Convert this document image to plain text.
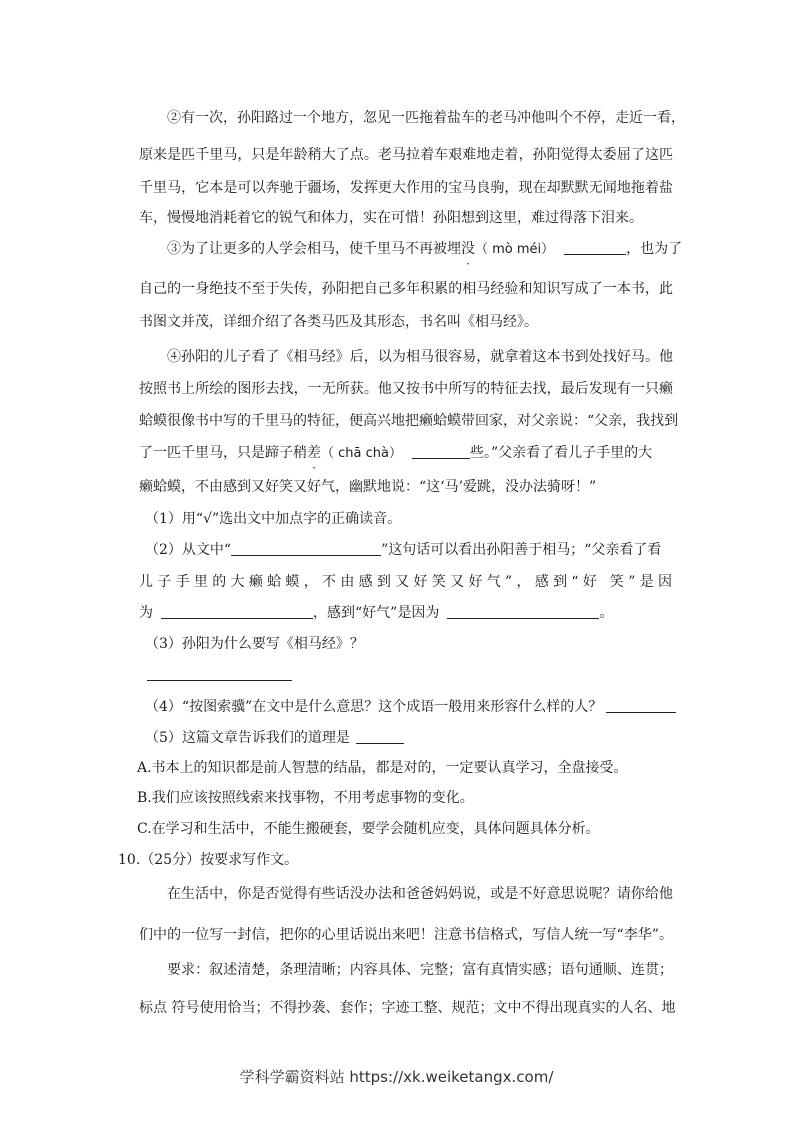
②有一次，孙阳路过一个地方，忽见一匹拖着盐车的老马冲他叫个不停，走近一看，
原来是匹千里马，只是年龄稍大了点。老马拉着车艰难地走着，孙阳觉得太委屈了这匹
千里马，它本是可以奔驰于疆场，发挥更大作用的宝马良驹，现在却默默无闻地拖着盐
车，慢慢地消耗着它的锐气和体力，实在可惜！孙阳想到这里，难过得落下泪来。
③为了让更多的人学会相马，使千里马不再被埋没（ mò méi）	，也为了
自己的一身绝技不至于失传，孙阳把自己多年积累的相马经验和知识写成了一本书，此
书图文并茂，详细介绍了各类马匹及其形态，书名叫《相马经》。
④孙阳的儿子看了《相马经》后，以为相马很容易，就拿着这本书到处找好马。他
按照书上所绘的图形去找，一无所获。他又按书中所写的特征去找，最后发现有一只癞
蛤蟆很像书中写的千里马的特征，便高兴地把癞蛤蟆带回家，对父亲说：“父亲，我找到
了一匹千里马，只是蹄子稍差（ chā chà）	些。”父亲看了看儿子手里的大
癞蛤蟆，不由感到又好笑又好气，幽默地说：“这‘马’爱跳，没办法骑呀！”
（1）用“√”选出文中加点字的正确读音。
（2）从文中“	”这句话可以看出孙阳善于相马；“父亲看了看
儿子手里的大癞蛤蟆，不由感到又好笑又好气”，感到“好 笑”是因
为	，感到“好气”是因为	。
（3）孙阳为什么要写《相马经》？
（4）“按图索骥”在文中是什么意思？这个成语一般用来形容什么样的人？
（5）这篇文章告诉我们的道理是
A.书本上的知识都是前人智慧的结晶，都是对的，一定要认真学习，全盘接受。
B.我们应该按照线索来找事物，不用考虑事物的变化。
C.在学习和生活中，不能生搬硬套，要学会随机应变，具体问题具体分析。
10.（25分）按要求写作文。
在生活中，你是否觉得有些话没办法和爸爸妈妈说，或是不好意思说呢？请你给他
们中的一位写一封信，把你的心里话说出来吧！注意书信格式，写信人统一写“李华”。
要求：叙述清楚，条理清晰；内容具体、完整；富有真情实感；语句通顺、连贯；
标点 符号使用恰当；不得抄袭、套作；字迹工整、规范；文中不得出现真实的人名、地
学科学霸资料站 https://xk.weiketangx.com/
